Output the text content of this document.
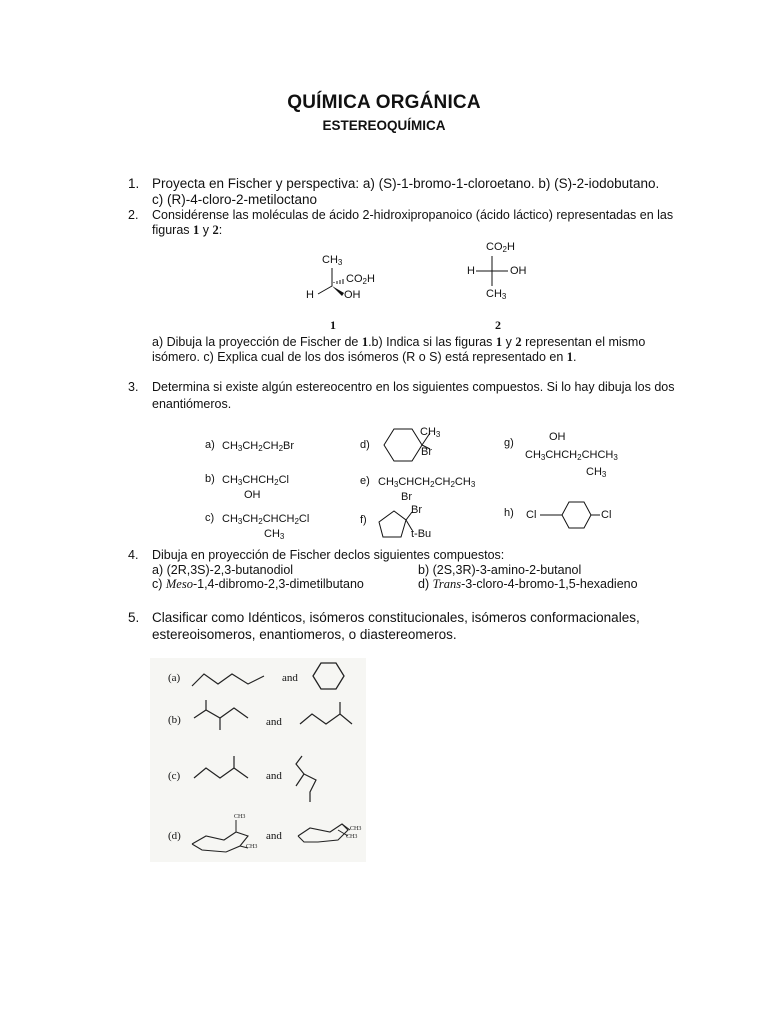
QUÍMICA ORGÁNICA
ESTEREOQUÍMICA
1. Proyecta en Fischer y perspectiva: a) (S)-1-bromo-1-cloroetano. b) (S)-2-iodobutano.
c) (R)-4-cloro-2-metiloctano
2. Considérense las moléculas de ácido 2-hidroxipropanoico (ácido láctico) representadas en las
figuras 1 y 2:
$CH_3$
$CO_2H$
H	OH
$CO_2H$
H	OH
$CH_3$
1	2
a) Dibuja la proyección de Fischer de 1.b) Indica si las figuras 1 y 2 representan el mismo
isómero. c) Explica cual de los dos isómeros (R o S) está representado en 1.
3. Determina si existe algún estereocentro en los siguientes compuestos. Si lo hay dibuja los dos
enantiómeros.
a) $CH_3CH_2CH_2Br$
b) $CH_3CHCH_2Cl$
OH
c) $CH_3CH_2CHCH_2Cl$
$CH_3$
d)
$CH_3$
Br
e) $CH_3CHCH_2CH_2CH_3$
Br
f)
Br
t-Bu
g)	OH
$CH_3CHCH_2CHCH_3$
$CH_3$
h) Cl	Cl
4. Dibuja en proyección de Fischer declos siguientes compuestos:
a) (2R,3S)-2,3-butanodiol	b) (2S,3R)-3-amino-2-butanol
c) Meso-1,4-dibromo-2,3-dimetilbutano	d) Trans-3-cloro-4-bromo-1,5-hexadieno
5. Clasificar como Idénticos, isómeros constitucionales, isómeros conformacionales,
estereoisomeros, enantiomeros, o diastereomeros.
(a)	and
(b)	and
(c)	and
(d)	and
CH3
CH3
CH3
CH3
